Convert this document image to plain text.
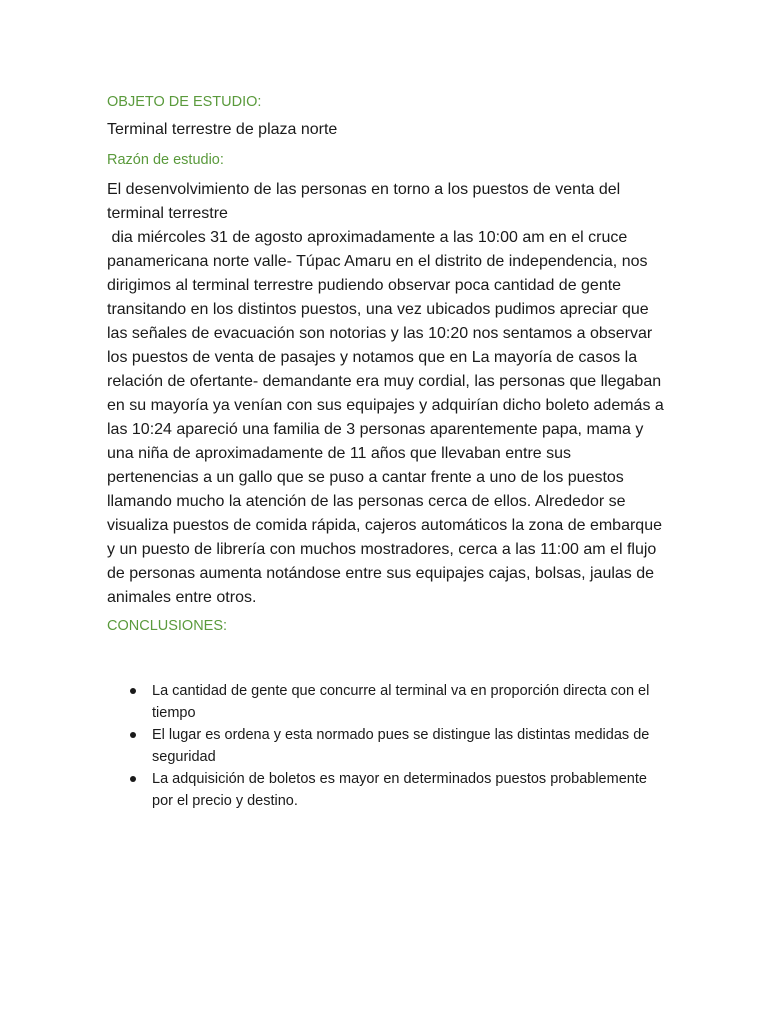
OBJETO DE ESTUDIO:

Terminal terrestre de plaza norte

Razón de estudio:

El desenvolvimiento de las personas en torno a los puestos de venta del terminal terrestre

dia miércoles 31 de agosto aproximadamente a las 10:00 am en el cruce panamericana norte valle- Túpac Amaru en el distrito de independencia, nos dirigimos al terminal terrestre pudiendo observar poca cantidad de gente transitando en los distintos puestos, una vez ubicados pudimos apreciar que las señales de evacuación son notorias y las 10:20 nos sentamos a observar los puestos de venta de pasajes y notamos que en La mayoría de casos la relación de ofertante- demandante era muy cordial, las personas que llegaban en su mayoría ya venían con sus equipajes y adquirían dicho boleto además a las 10:24 apareció una familia de 3 personas aparentemente papa, mama y una niña de aproximadamente de 11 años que llevaban entre sus pertenencias a un gallo que se puso a cantar frente a uno de los puestos llamando mucho la atención de las personas cerca de ellos. Alrededor se visualiza puestos de comida rápida, cajeros automáticos la zona de embarque y un puesto de librería con muchos mostradores, cerca a las 11:00 am el flujo de personas aumenta notándose entre sus equipajes cajas, bolsas, jaulas de animales entre otros.

CONCLUSIONES:

La cantidad de gente que concurre al terminal va en proporción directa con el tiempo
El lugar es ordena y esta normado pues se distingue las distintas medidas de seguridad
La adquisición de boletos es mayor en determinados puestos probablemente por el precio y destino.
